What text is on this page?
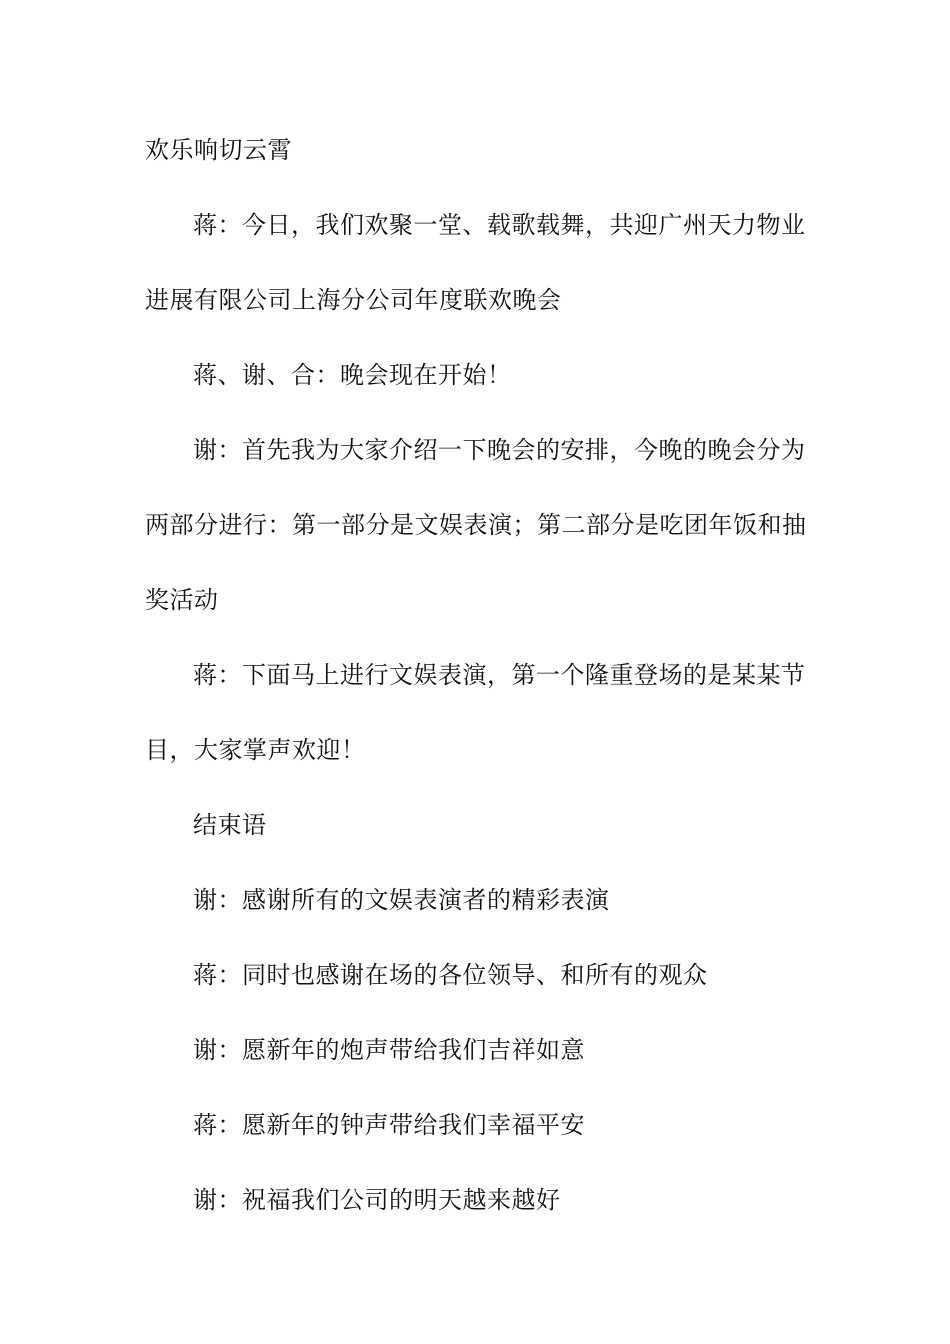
欢乐响切云霄
蒋：今日，我们欢聚一堂、载歌载舞，共迎广州天力物业
进展有限公司上海分公司年度联欢晚会
蒋、谢、合：晚会现在开始！
谢：首先我为大家介绍一下晚会的安排，今晚的晚会分为
两部分进行：第一部分是文娱表演；第二部分是吃团年饭和抽
奖活动
蒋：下面马上进行文娱表演，第一个隆重登场的是某某节
目，大家掌声欢迎！
结束语
谢：感谢所有的文娱表演者的精彩表演
蒋：同时也感谢在场的各位领导、和所有的观众
谢：愿新年的炮声带给我们吉祥如意
蒋：愿新年的钟声带给我们幸福平安
谢：祝福我们公司的明天越来越好
